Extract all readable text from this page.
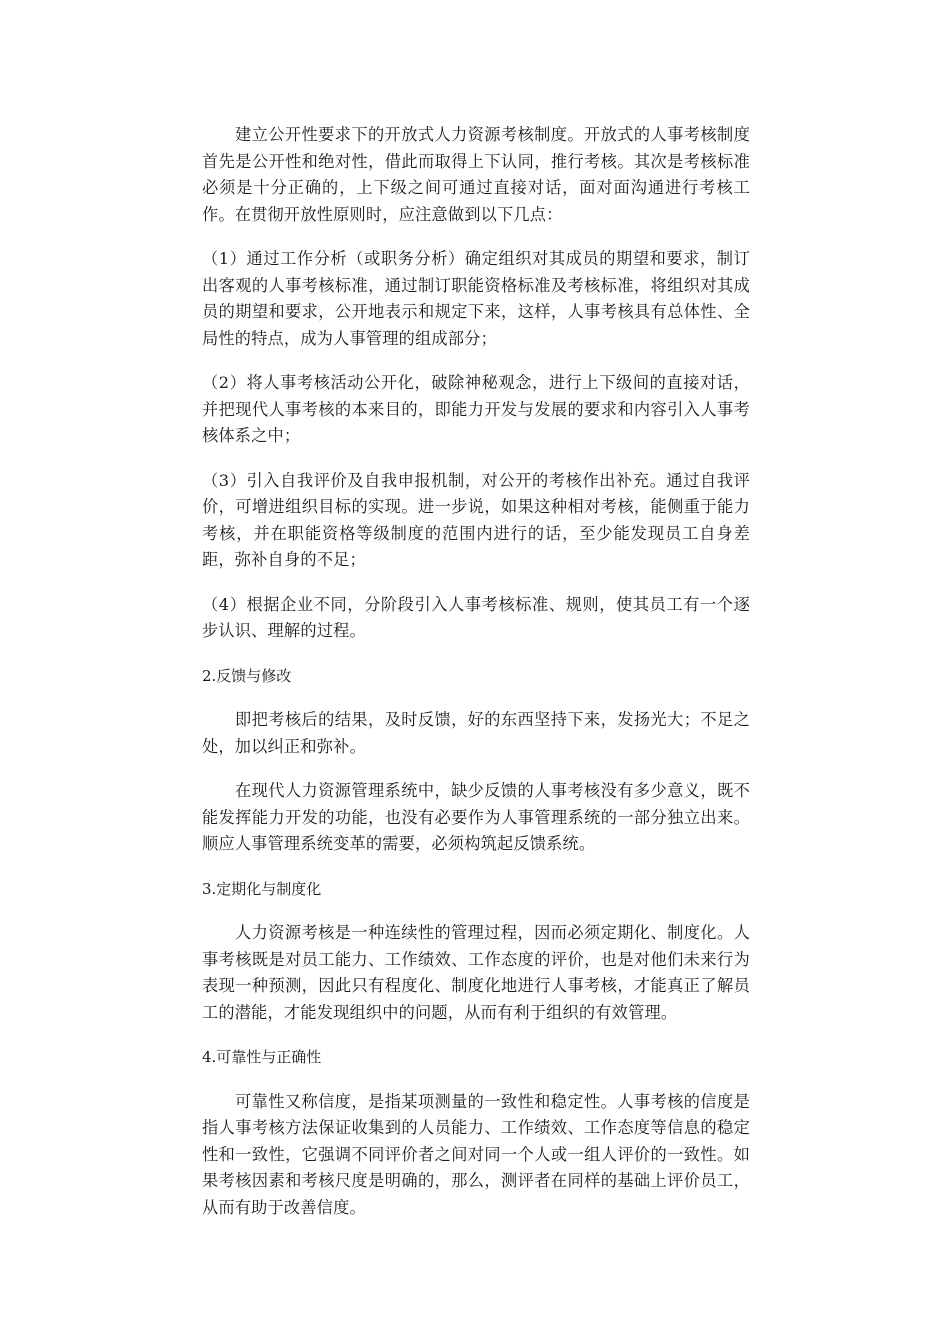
建立公开性要求下的开放式人力资源考核制度。开放式的人事考核制度首先是公开性和绝对性，借此而取得上下认同，推行考核。其次是考核标准必须是十分正确的，上下级之间可通过直接对话，面对面沟通进行考核工作。在贯彻开放性原则时，应注意做到以下几点：

（1）通过工作分析（或职务分析）确定组织对其成员的期望和要求，制订出客观的人事考核标准，通过制订职能资格标准及考核标准，将组织对其成员的期望和要求，公开地表示和规定下来，这样，人事考核具有总体性、全局性的特点，成为人事管理的组成部分；

（2）将人事考核活动公开化，破除神秘观念，进行上下级间的直接对话，并把现代人事考核的本来目的，即能力开发与发展的要求和内容引入人事考核体系之中；

（3）引入自我评价及自我申报机制，对公开的考核作出补充。通过自我评价，可增进组织目标的实现。进一步说，如果这种相对考核，能侧重于能力考核，并在职能资格等级制度的范围内进行的话，至少能发现员工自身差距，弥补自身的不足；

（4）根据企业不同，分阶段引入人事考核标准、规则，使其员工有一个逐步认识、理解的过程。

2.反馈与修改

即把考核后的结果，及时反馈，好的东西坚持下来，发扬光大；不足之处，加以纠正和弥补。

在现代人力资源管理系统中，缺少反馈的人事考核没有多少意义，既不能发挥能力开发的功能，也没有必要作为人事管理系统的一部分独立出来。顺应人事管理系统变革的需要，必须构筑起反馈系统。

3.定期化与制度化

人力资源考核是一种连续性的管理过程，因而必须定期化、制度化。人事考核既是对员工能力、工作绩效、工作态度的评价，也是对他们未来行为表现一种预测，因此只有程度化、制度化地进行人事考核，才能真正了解员工的潜能，才能发现组织中的问题，从而有利于组织的有效管理。

4.可靠性与正确性

可靠性又称信度，是指某项测量的一致性和稳定性。人事考核的信度是指人事考核方法保证收集到的人员能力、工作绩效、工作态度等信息的稳定性和一致性，它强调不同评价者之间对同一个人或一组人评价的一致性。如果考核因素和考核尺度是明确的，那么，测评者在同样的基础上评价员工，从而有助于改善信度。
